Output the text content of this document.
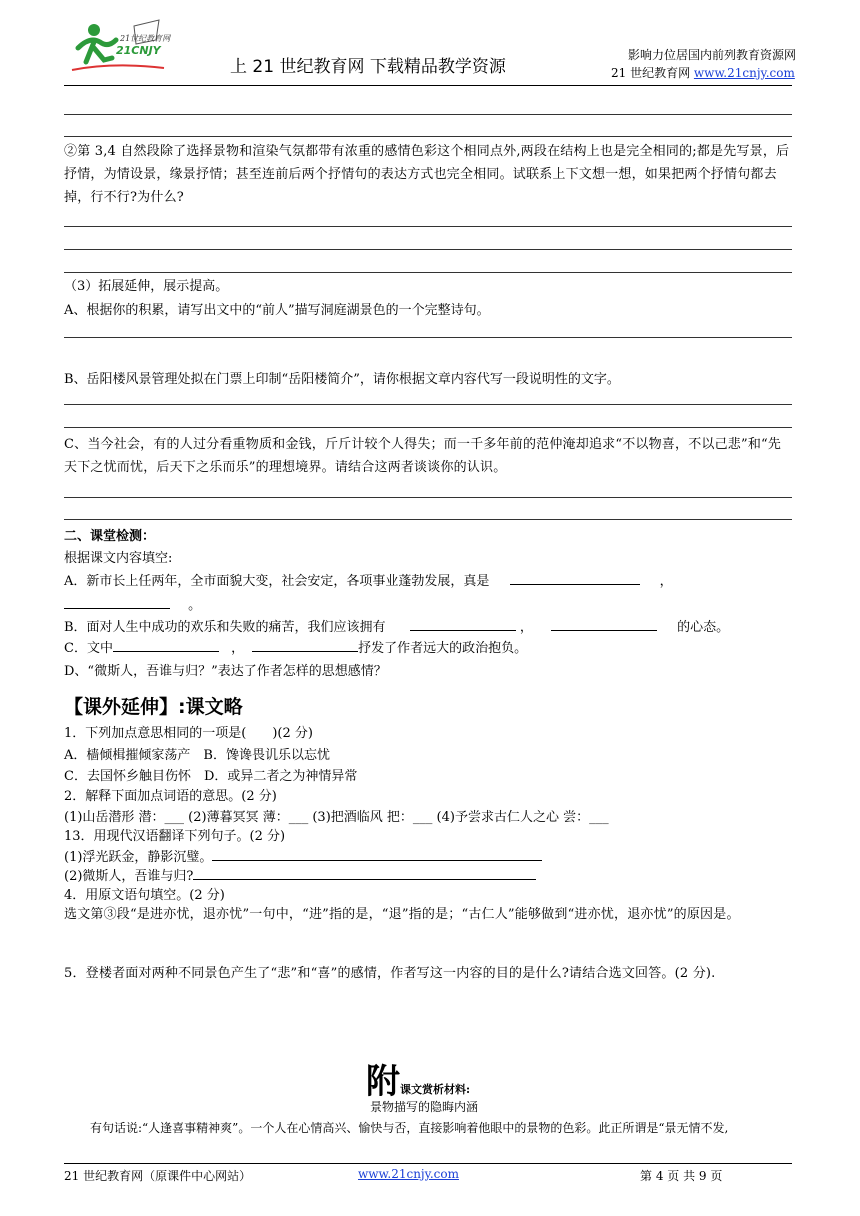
21世纪教育网
21CNJY
上 21 世纪教育网 下载精品教学资源
影响力位居国内前列教育资源网
21 世纪教育网 www.21cnjy.com
②第 3,4 自然段除了选择景物和渲染气氛都带有浓重的感情色彩这个相同点外,两段在结构上也是完全相同的;都是先写景，后抒情，为情设景，缘景抒情；甚至连前后两个抒情句的表达方式也完全相同。试联系上下文想一想，如果把两个抒情句都去掉，行不行?为什么?
（3）拓展延伸，展示提高。
A、根据你的积累，请写出文中的“前人”描写洞庭湖景色的一个完整诗句。
B、岳阳楼风景管理处拟在门票上印制“岳阳楼简介”，请你根据文章内容代写一段说明性的文字。
C、当今社会，有的人过分看重物质和金钱，斤斤计较个人得失；而一千多年前的范仲淹却追求“不以物喜，不以己悲”和“先天下之忧而忧，后天下之乐而乐”的理想境界。请结合这两者谈谈你的认识。
二、课堂检测：
根据课文内容填空:
A．新市长上任两年，全市面貌大变，社会安定，各项事业蓬勃发展，真是	，
。
B．面对人生中成功的欢乐和失败的痛苦，我们应该拥有	，	的心态。
C．文中	，	抒发了作者远大的政治抱负。
D、“微斯人，吾谁与归？”表达了作者怎样的思想感情？
【课外延伸】:课文略
1．下列加点意思相同的一项是(　　)(2 分)
A．樯倾楫摧倾家荡产　B．馋谗畏讥乐以忘忧
C．去国怀乡触目伤怀　D．或异二者之为神情异常
2．解释下面加点词语的意思。(2 分)
(1)山岳潜形 潜：___ (2)薄暮冥冥 薄：___ (3)把酒临风 把：___ (4)予尝求古仁人之心 尝：___
13．用现代汉语翻译下列句子。(2 分)
(1)浮光跃金，静影沉璧。
(2)微斯人，吾谁与归?
4．用原文语句填空。(2 分)
选文第③段“是进亦忧，退亦忧”一句中，“进”指的是，“退”指的是；“古仁人”能够做到“进亦忧，退亦忧”的原因是。
5．登楼者面对两种不同景色产生了“悲”和“喜”的感情，作者写这一内容的目的是什么?请结合选文回答。(2 分).
附课文赏析材料:
景物描写的隐晦内涵
有句话说:“人逢喜事精神爽”。一个人在心情高兴、愉快与否，直接影响着他眼中的景物的色彩。此正所谓是“景无情不发,
21 世纪教育网（原课件中心网站）	www.21cnjy.com	第 4 页 共 9 页
